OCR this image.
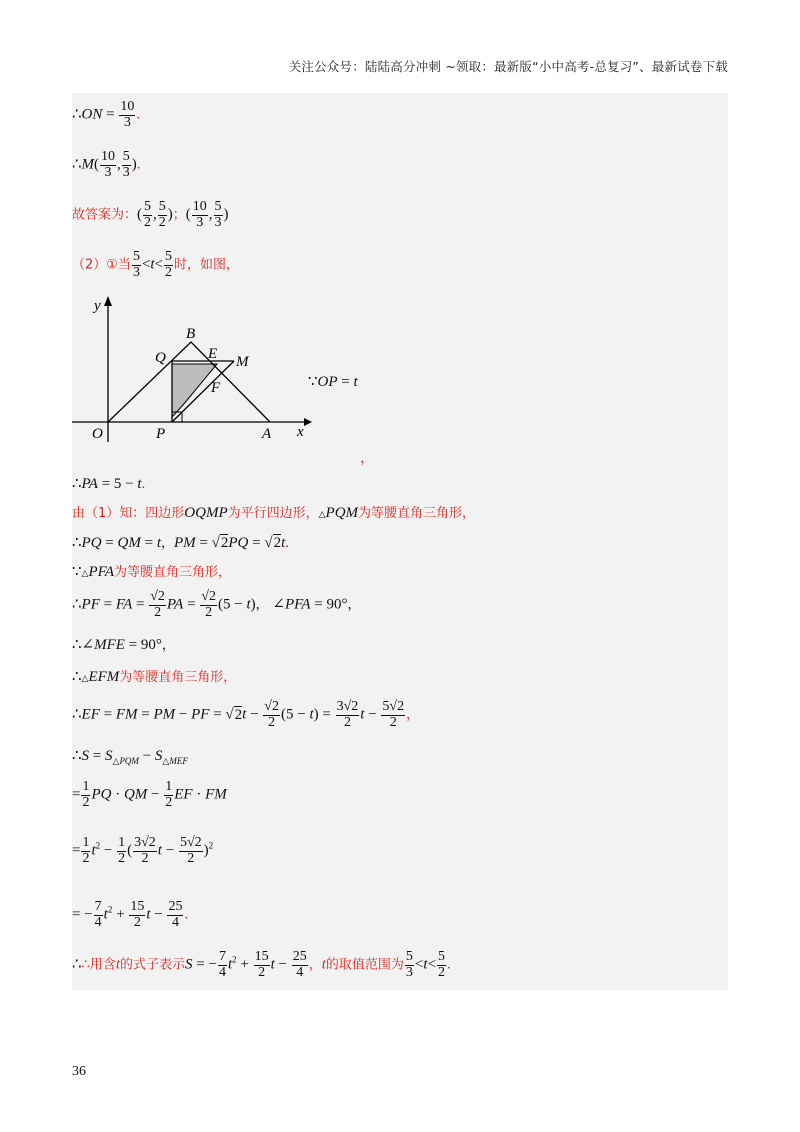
关注公众号：陆陆高分冲刺 ~领取：最新版“小中高考-总复习”、最新试卷下载
∴ON = $\frac{10}{3}$ .
∴M( $\frac{10}{3}$ , $\frac{5}{3}$ ).
故答案为：( $\frac{5}{2}$ , $\frac{5}{2}$ )；( $\frac{10}{3}$ , $\frac{5}{3}$ )
（2）①当 $\frac{5}{3} <t< \frac{5}{2}$ 时，如图，
y
x
O	P	A
B
Q	E M
F	∵OP = t
，
∴PA = 5 − t.
由（1）知：四边形OQMP为平行四边形，△PQM为等腰直角三角形，
∴PQ = QM = t，PM = √2PQ = √2t.
∵△PFA为等腰直角三角形，
∴PF = FA = $\frac{√2}{2}$ PA = $\frac{√2}{2} (5 - t)$， ∠PFA = 90°，
∴∠MFE = 90°，
∴△EFM为等腰直角三角形，
∴EF = FM = PM − PF = $√2t - \frac{√2}{2} (5 - t) = \frac{3√2}{2}$ $t - \frac{5√2}{2}$ ，
∴S = $S_{\triangle PQM} - S_{\triangle MEF}$
= $\frac{1}{2}$ PQ · QM − $\frac{1}{2}$ EF · FM
= $\frac{1}{2} t^2 - \frac{1}{2}$ ( $\frac{3√2}{2}$ $t - \frac{5√2}{2} )^2$
= − $\frac{7}{4} t^2 + \frac{15}{2}$ $t - \frac{25}{4}$ .
∴∴用含t的式子表示S = − $\frac{7}{4} t^2 + \frac{15}{2}$ $t - \frac{25}{4}$ ，t的取值范围为 $\frac{5}{3} <t< \frac{5}{2}$ .
36
